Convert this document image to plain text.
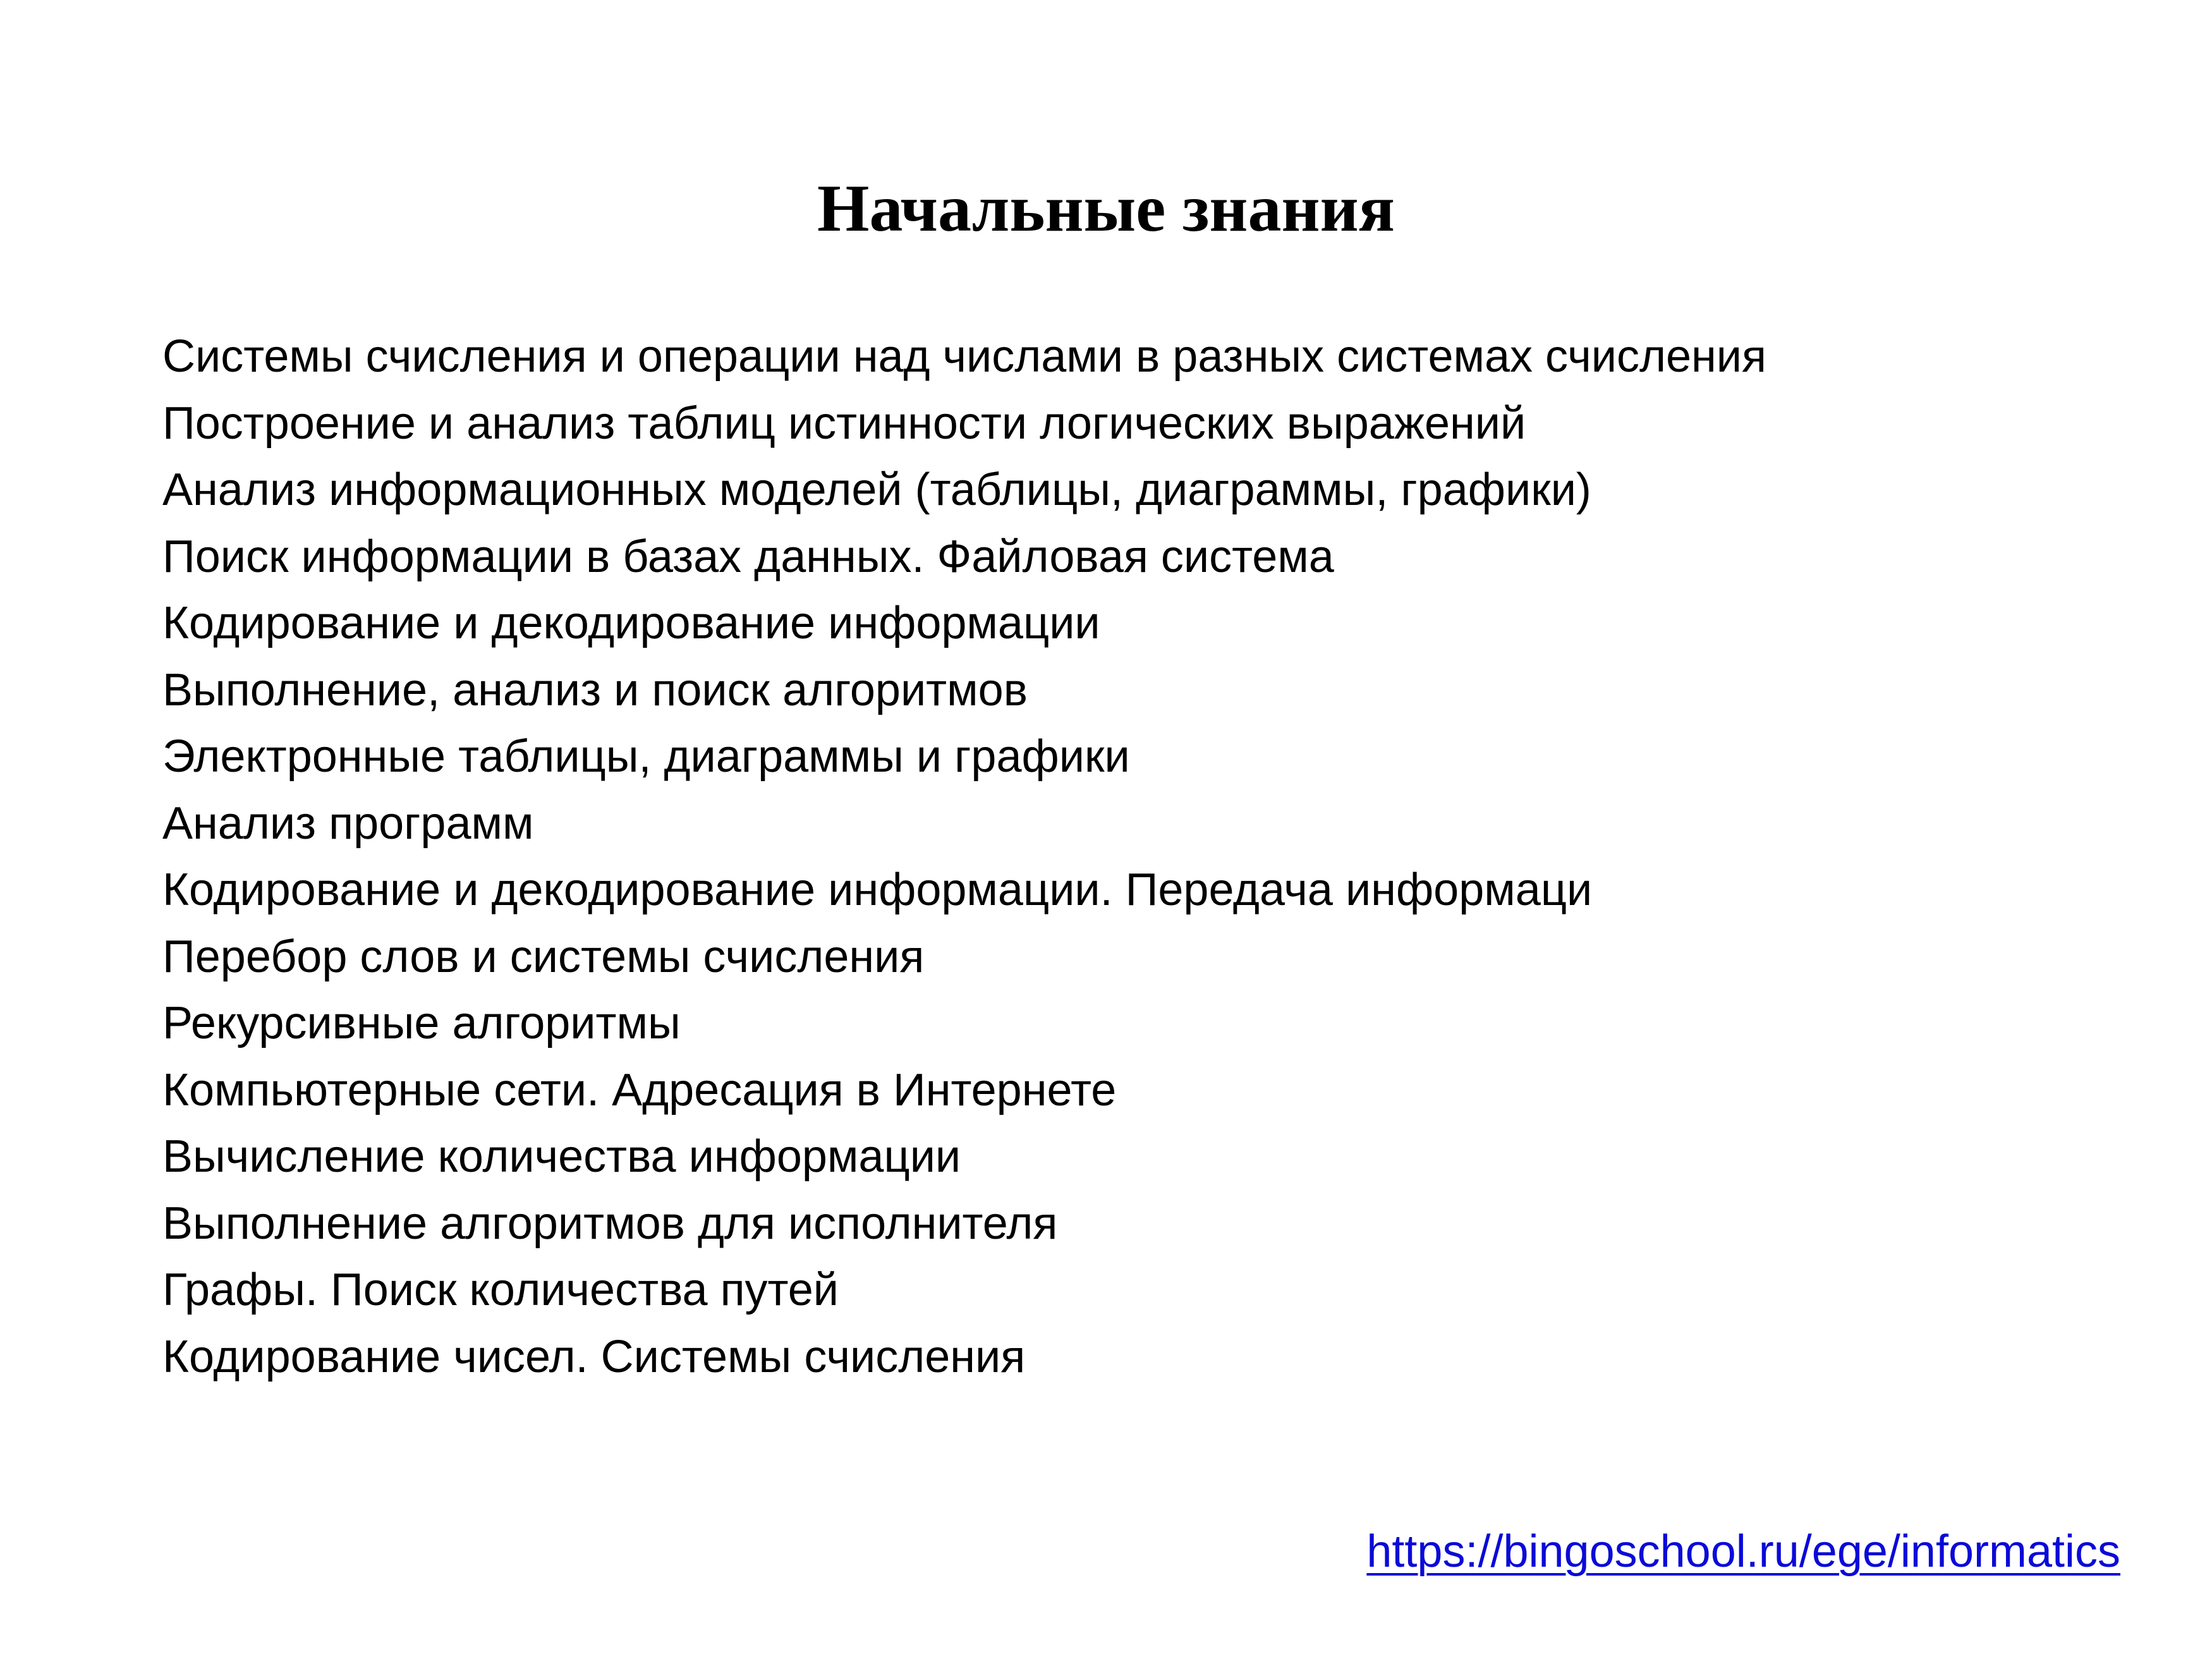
Начальные знания
Системы счисления и операции над числами в разных системах счисления
Построение и анализ таблиц истинности логических выражений
Анализ информационных моделей (таблицы, диаграммы, графики)
Поиск информации в базах данных. Файловая система
Кодирование и декодирование информации
Выполнение, анализ и поиск алгоритмов
Электронные таблицы, диаграммы и графики
Анализ программ
Кодирование и декодирование информации. Передача информаци
Перебор слов и системы счисления
Рекурсивные алгоритмы
Компьютерные сети. Адресация в Интернете
Вычисление количества информации
Выполнение алгоритмов для исполнителя
Графы. Поиск количества путей
Кодирование чисел. Системы счисления
https://bingoschool.ru/ege/informatics
